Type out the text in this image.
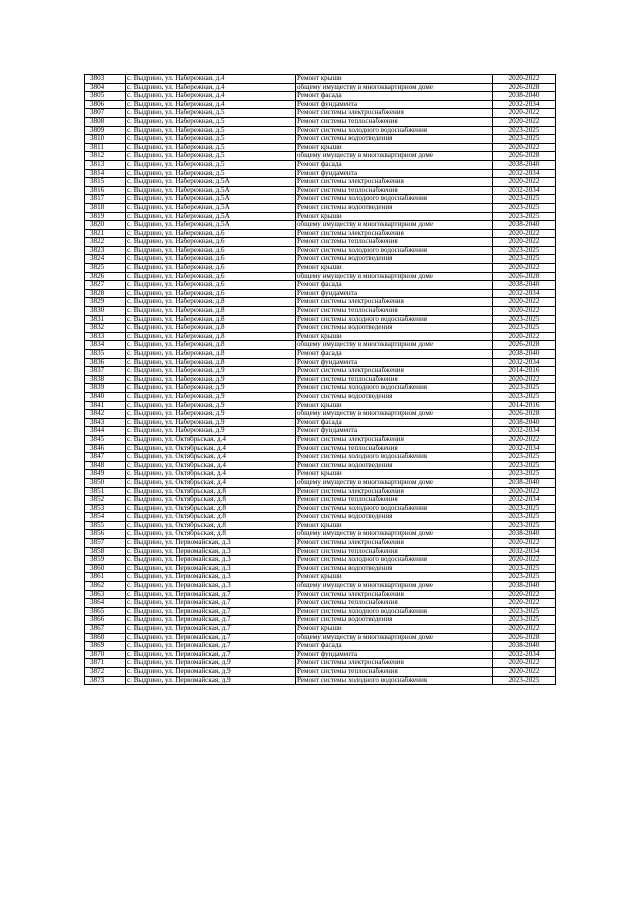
3803	с. Выдрино, ул. Набережная, д.4	Ремонт крыши	2020-2022
3804	с. Выдрино, ул. Набережная, д.4	общему имуществу в многоквартирном доме	2026-2028
3805	с. Выдрино, ул. Набережная, д.4	Ремонт фасада	2038-2040
3806	с. Выдрино, ул. Набережная, д.4	Ремонт фундамента	2032-2034
3807	с. Выдрино, ул. Набережная, д.5	Ремонт системы электроснабжения	2020-2022
3808	с. Выдрино, ул. Набережная, д.5	Ремонт системы теплоснабжения	2020-2022
3809	с. Выдрино, ул. Набережная, д.5	Ремонт системы холодного водоснабжения	2023-2025
3810	с. Выдрино, ул. Набережная, д.5	Ремонт системы водоотведения	2023-2025
3811	с. Выдрино, ул. Набережная, д.5	Ремонт крыши	2020-2022
3812	с. Выдрино, ул. Набережная, д.5	общему имуществу в многоквартирном доме	2026-2028
3813	с. Выдрино, ул. Набережная, д.5	Ремонт фасада	2038-2040
3814	с. Выдрино, ул. Набережная, д.5	Ремонт фундамента	2032-2034
3815	с. Выдрино, ул. Набережная, д.5А	Ремонт системы электроснабжения	2020-2022
3816	с. Выдрино, ул. Набережная, д.5А	Ремонт системы теплоснабжения	2032-2034
3817	с. Выдрино, ул. Набережная, д.5А	Ремонт системы холодного водоснабжения	2023-2025
3818	с. Выдрино, ул. Набережная, д.5А	Ремонт системы водоотведения	2023-2025
3819	с. Выдрино, ул. Набережная, д.5А	Ремонт крыши	2023-2025
3820	с. Выдрино, ул. Набережная, д.5А	общему имуществу в многоквартирном доме	2038-2040
3821	с. Выдрино, ул. Набережная, д.6	Ремонт системы электроснабжения	2020-2022
3822	с. Выдрино, ул. Набережная, д.6	Ремонт системы теплоснабжения	2020-2022
3823	с. Выдрино, ул. Набережная, д.6	Ремонт системы холодного водоснабжения	2023-2025
3824	с. Выдрино, ул. Набережная, д.6	Ремонт системы водоотведения	2023-2025
3825	с. Выдрино, ул. Набережная, д.6	Ремонт крыши	2020-2022
3826	с. Выдрино, ул. Набережная, д.6	общему имуществу в многоквартирном доме	2026-2028
3827	с. Выдрино, ул. Набережная, д.6	Ремонт фасада	2038-2040
3828	с. Выдрино, ул. Набережная, д.6	Ремонт фундамента	2032-2034
3829	с. Выдрино, ул. Набережная, д.8	Ремонт системы электроснабжения	2020-2022
3830	с. Выдрино, ул. Набережная, д.8	Ремонт системы теплоснабжения	2020-2022
3831	с. Выдрино, ул. Набережная, д.8	Ремонт системы холодного водоснабжения	2023-2025
3832	с. Выдрино, ул. Набережная, д.8	Ремонт системы водоотведения	2023-2025
3833	с. Выдрино, ул. Набережная, д.8	Ремонт крыши	2020-2022
3834	с. Выдрино, ул. Набережная, д.8	общему имуществу в многоквартирном доме	2026-2028
3835	с. Выдрино, ул. Набережная, д.8	Ремонт фасада	2038-2040
3836	с. Выдрино, ул. Набережная, д.8	Ремонт фундамента	2032-2034
3837	с. Выдрино, ул. Набережная, д.9	Ремонт системы электроснабжения	2014-2016
3838	с. Выдрино, ул. Набережная, д.9	Ремонт системы теплоснабжения	2020-2022
3839	с. Выдрино, ул. Набережная, д.9	Ремонт системы холодного водоснабжения	2023-2025
3840	с. Выдрино, ул. Набережная, д.9	Ремонт системы водоотведения	2023-2025
3841	с. Выдрино, ул. Набережная, д.9	Ремонт крыши	2014-2016
3842	с. Выдрино, ул. Набережная, д.9	общему имуществу в многоквартирном доме	2026-2028
3843	с. Выдрино, ул. Набережная, д.9	Ремонт фасада	2038-2040
3844	с. Выдрино, ул. Набережная, д.9	Ремонт фундамента	2032-2034
3845	с. Выдрино, ул. Октябрьская, д.4	Ремонт системы электроснабжения	2020-2022
3846	с. Выдрино, ул. Октябрьская, д.4	Ремонт системы теплоснабжения	2032-2034
3847	с. Выдрино, ул. Октябрьская, д.4	Ремонт системы холодного водоснабжения	2023-2025
3848	с. Выдрино, ул. Октябрьская, д.4	Ремонт системы водоотведения	2023-2025
3849	с. Выдрино, ул. Октябрьская, д.4	Ремонт крыши	2023-2025
3850	с. Выдрино, ул. Октябрьская, д.4	общему имуществу в многоквартирном доме	2038-2040
3851	с. Выдрино, ул. Октябрьская, д.8	Ремонт системы электроснабжения	2020-2022
3852	с. Выдрино, ул. Октябрьская, д.8	Ремонт системы теплоснабжения	2032-2034
3853	с. Выдрино, ул. Октябрьская, д.8	Ремонт системы холодного водоснабжения	2023-2025
3854	с. Выдрино, ул. Октябрьская, д.8	Ремонт системы водоотведения	2023-2025
3855	с. Выдрино, ул. Октябрьская, д.8	Ремонт крыши	2023-2025
3856	с. Выдрино, ул. Октябрьская, д.8	общему имуществу в многоквартирном доме	2038-2040
3857	с. Выдрино, ул. Первомайская, д.3	Ремонт системы электроснабжения	2020-2022
3858	с. Выдрино, ул. Первомайская, д.3	Ремонт системы теплоснабжения	2032-2034
3859	с. Выдрино, ул. Первомайская, д.3	Ремонт системы холодного водоснабжения	2020-2022
3860	с. Выдрино, ул. Первомайская, д.3	Ремонт системы водоотведения	2023-2025
3861	с. Выдрино, ул. Первомайская, д.3	Ремонт крыши	2023-2025
3862	с. Выдрино, ул. Первомайская, д.3	общему имуществу в многоквартирном доме	2038-2040
3863	с. Выдрино, ул. Первомайская, д.7	Ремонт системы электроснабжения	2020-2022
3864	с. Выдрино, ул. Первомайская, д.7	Ремонт системы теплоснабжения	2020-2022
3865	с. Выдрино, ул. Первомайская, д.7	Ремонт системы холодного водоснабжения	2023-2025
3866	с. Выдрино, ул. Первомайская, д.7	Ремонт системы водоотведения	2023-2025
3867	с. Выдрино, ул. Первомайская, д.7	Ремонт крыши	2020-2022
3868	с. Выдрино, ул. Первомайская, д.7	общему имуществу в многоквартирном доме	2026-2028
3869	с. Выдрино, ул. Первомайская, д.7	Ремонт фасада	2038-2040
3870	с. Выдрино, ул. Первомайская, д.7	Ремонт фундамента	2032-2034
3871	с. Выдрино, ул. Первомайская, д.9	Ремонт системы электроснабжения	2020-2022
3872	с. Выдрино, ул. Первомайская, д.9	Ремонт системы теплоснабжения	2020-2022
3873	с. Выдрино, ул. Первомайская, д.9	Ремонт системы холодного водоснабжения	2023-2025
